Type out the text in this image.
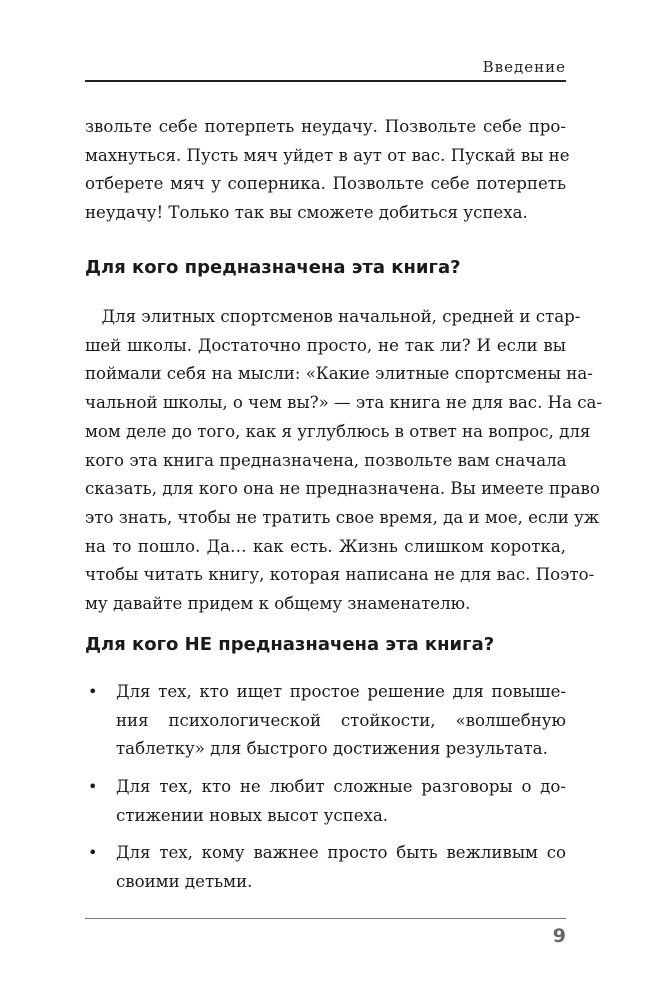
Введение
звольте себе потерпеть неудачу. Позвольте себе про-
махнуться. Пусть мяч уйдет в аут от вас. Пускай вы не
отберете мяч у соперника. Позвольте себе потерпеть
неудачу! Только так вы сможете добиться успеха.
Для кого предназначена эта книга?
 Для элитных спортсменов начальной, средней и стар-
шей школы. Достаточно просто, не так ли? И если вы
поймали себя на мысли: «Какие элитные спортсмены на-
чальной школы, о чем вы?» — эта книга не для вас. На са-
мом деле до того, как я углублюсь в ответ на вопрос, для
кого эта книга предназначена, позвольте вам сначала
сказать, для кого она не предназначена. Вы имеете право
это знать, чтобы не тратить свое время, да и мое, если уж
на то пошло. Да… как есть. Жизнь слишком коротка,
чтобы читать книгу, которая написана не для вас. Поэто-
му давайте придем к общему знаменателю.
Для кого НЕ предназначена эта книга?
• Для тех, кто ищет простое решение для повыше-
ния психологической стойкости, «волшебную
таблетку» для быстрого достижения результата.
• Для тех, кто не любит сложные разговоры о до-
стижении новых высот успеха.
• Для тех, кому важнее просто быть вежливым со
своими детьми.
9
